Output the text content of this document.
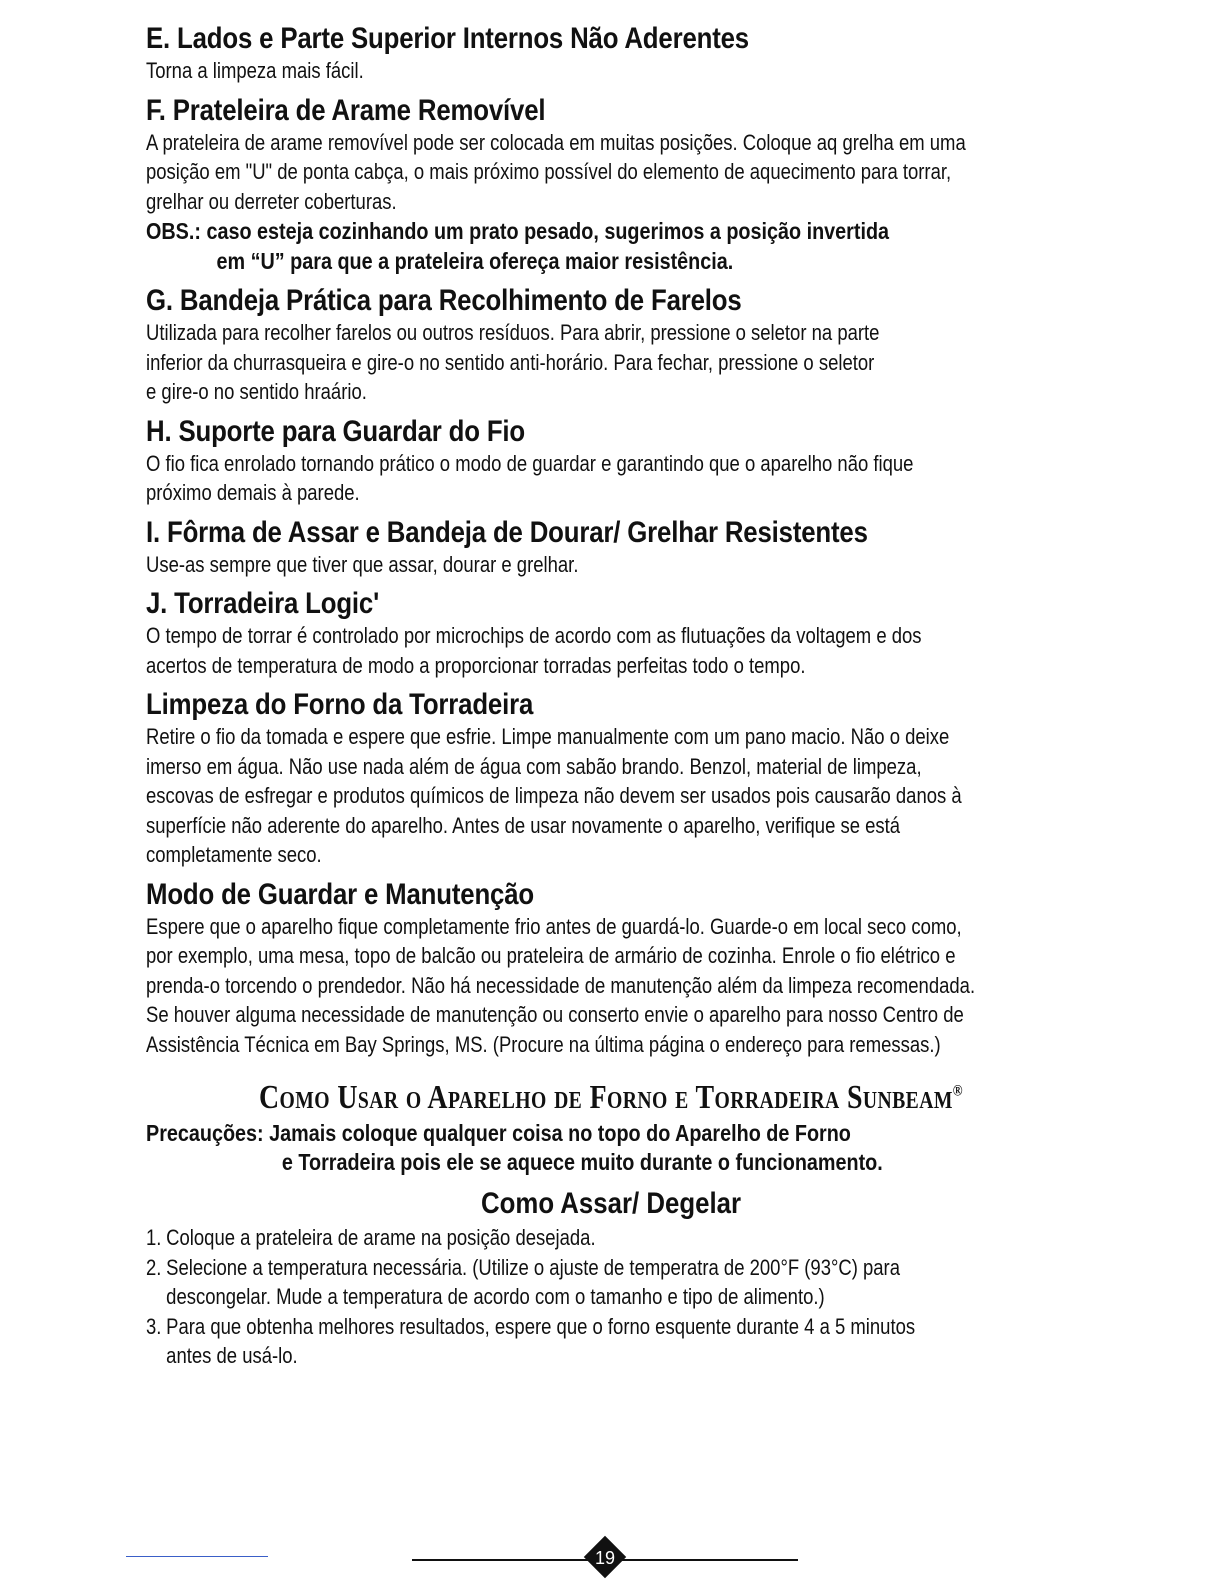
E. Lados e Parte Superior Internos Não Aderentes

Torna a limpeza mais fácil.

F. Prateleira de Arame Removível

A prateleira de arame removível pode ser colocada em muitas posições. Coloque aq grelha em uma
posição em "U" de ponta cabça, o mais próximo possível do elemento de aquecimento para torrar,
grelhar ou derreter coberturas.

OBS.: caso esteja cozinhando um prato pesado, sugerimos a posição invertida
em “U” para que a prateleira ofereça maior resistência.

G. Bandeja Prática para Recolhimento de Farelos

Utilizada para recolher farelos ou outros resíduos. Para abrir, pressione o seletor na parte
inferior da churrasqueira e gire-o no sentido anti-horário. Para fechar, pressione o seletor
e gire-o no sentido hraário.

H. Suporte para Guardar do Fio

O fio fica enrolado tornando prático o modo de guardar e garantindo que o aparelho não fique
próximo demais à parede.

I. Fôrma de Assar e Bandeja de Dourar/ Grelhar Resistentes

Use-as sempre que tiver que assar, dourar e grelhar.

J. Torradeira Logic'

O tempo de torrar é controlado por microchips de acordo com as flutuações da voltagem e dos
acertos de temperatura de modo a proporcionar torradas perfeitas todo o tempo.

Limpeza do Forno da Torradeira

Retire o fio da tomada e espere que esfrie. Limpe manualmente com um pano macio. Não o deixe
imerso em água. Não use nada além de água com sabão brando. Benzol, material de limpeza,
escovas de esfregar e produtos químicos de limpeza não devem ser usados pois causarão danos à
superfície não aderente do aparelho. Antes de usar novamente o aparelho, verifique se está
completamente seco.

Modo de Guardar e Manutenção

Espere que o aparelho fique completamente frio antes de guardá-lo. Guarde-o em local seco como,
por exemplo, uma mesa, topo de balcão ou prateleira de armário de cozinha. Enrole o fio elétrico e
prenda-o torcendo o prendedor. Não há necessidade de manutenção além da limpeza recomendada.
Se houver alguma necessidade de manutenção ou conserto envie o aparelho para nosso Centro de
Assistência Técnica em Bay Springs, MS. (Procure na última página o endereço para remessas.)

Como Usar o Aparelho de Forno e Torradeira Sunbeam®

Precauções: Jamais coloque qualquer coisa no topo do Aparelho de Forno
e Torradeira pois ele se aquece muito durante o funcionamento.

Como Assar/ Degelar
1. Coloque a prateleira de arame na posição desejada.
2. Selecione a temperatura necessária. (Utilize o ajuste de temperatra de 200°F (93°C) para
descongelar. Mude a temperatura de acordo com o tamanho e tipo de alimento.)
3. Para que obtenha melhores resultados, espere que o forno esquente durante 4 a 5 minutos
antes de usá-lo.
19
